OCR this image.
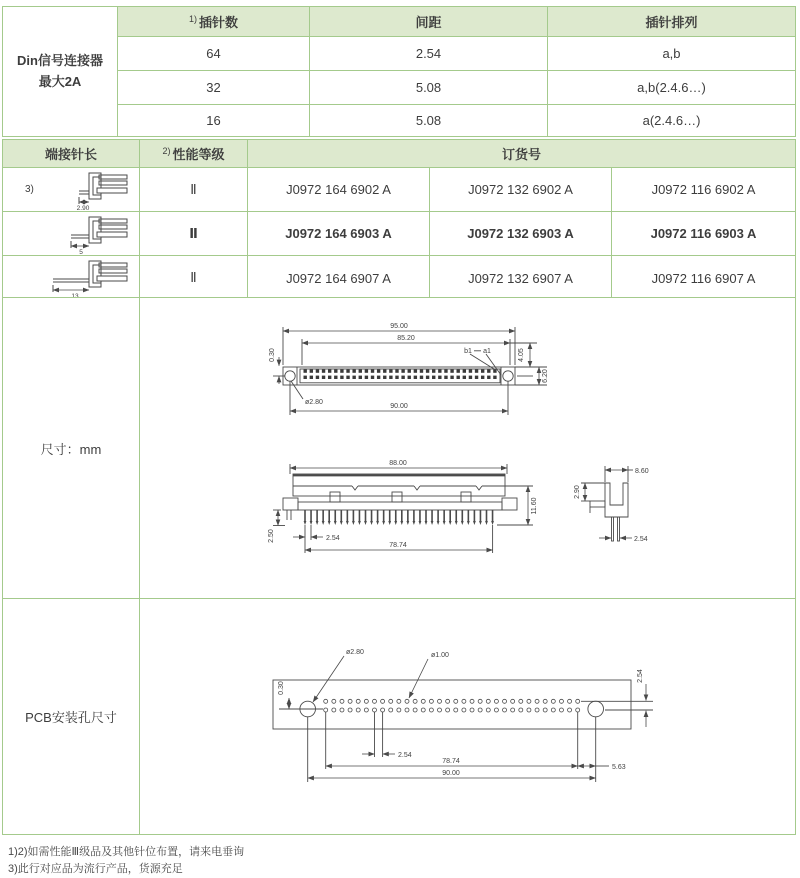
Din信号连接器
最大2A
1) 插针数	间距	插针排列
64	2.54	a,b
32	5.08	a,b(2.4.6…)
16	5.08	a(2.4.6…)
端接针长	2) 性能等级	订货号
3)
2.90
Ⅱ	J0972 164 6902 A	J0972 132 6902 A	J0972 116 6902 A
5
Ⅱ	J0972 164 6903 A	J0972 132 6903 A	J0972 116 6903 A
Ⅱ	J0972 164 6907 A	J0972 132 6907 A	J0972 116 6907 A
尺寸：mm
PCB安装孔尺寸
95.00
85.20
90.00
0.30	4.05
6.20
b1 a1
ø2.80
88.00
2.50	2.54
78.74
11.60
8.60
2.90
2.54
ø2.80	ø1.00
0.30
2.54
2.54
78.74
5.63
90.00
1)2)如需性能Ⅲ级品及其他针位布置，请来电垂询
3)此行对应品为流行产品，货源充足
